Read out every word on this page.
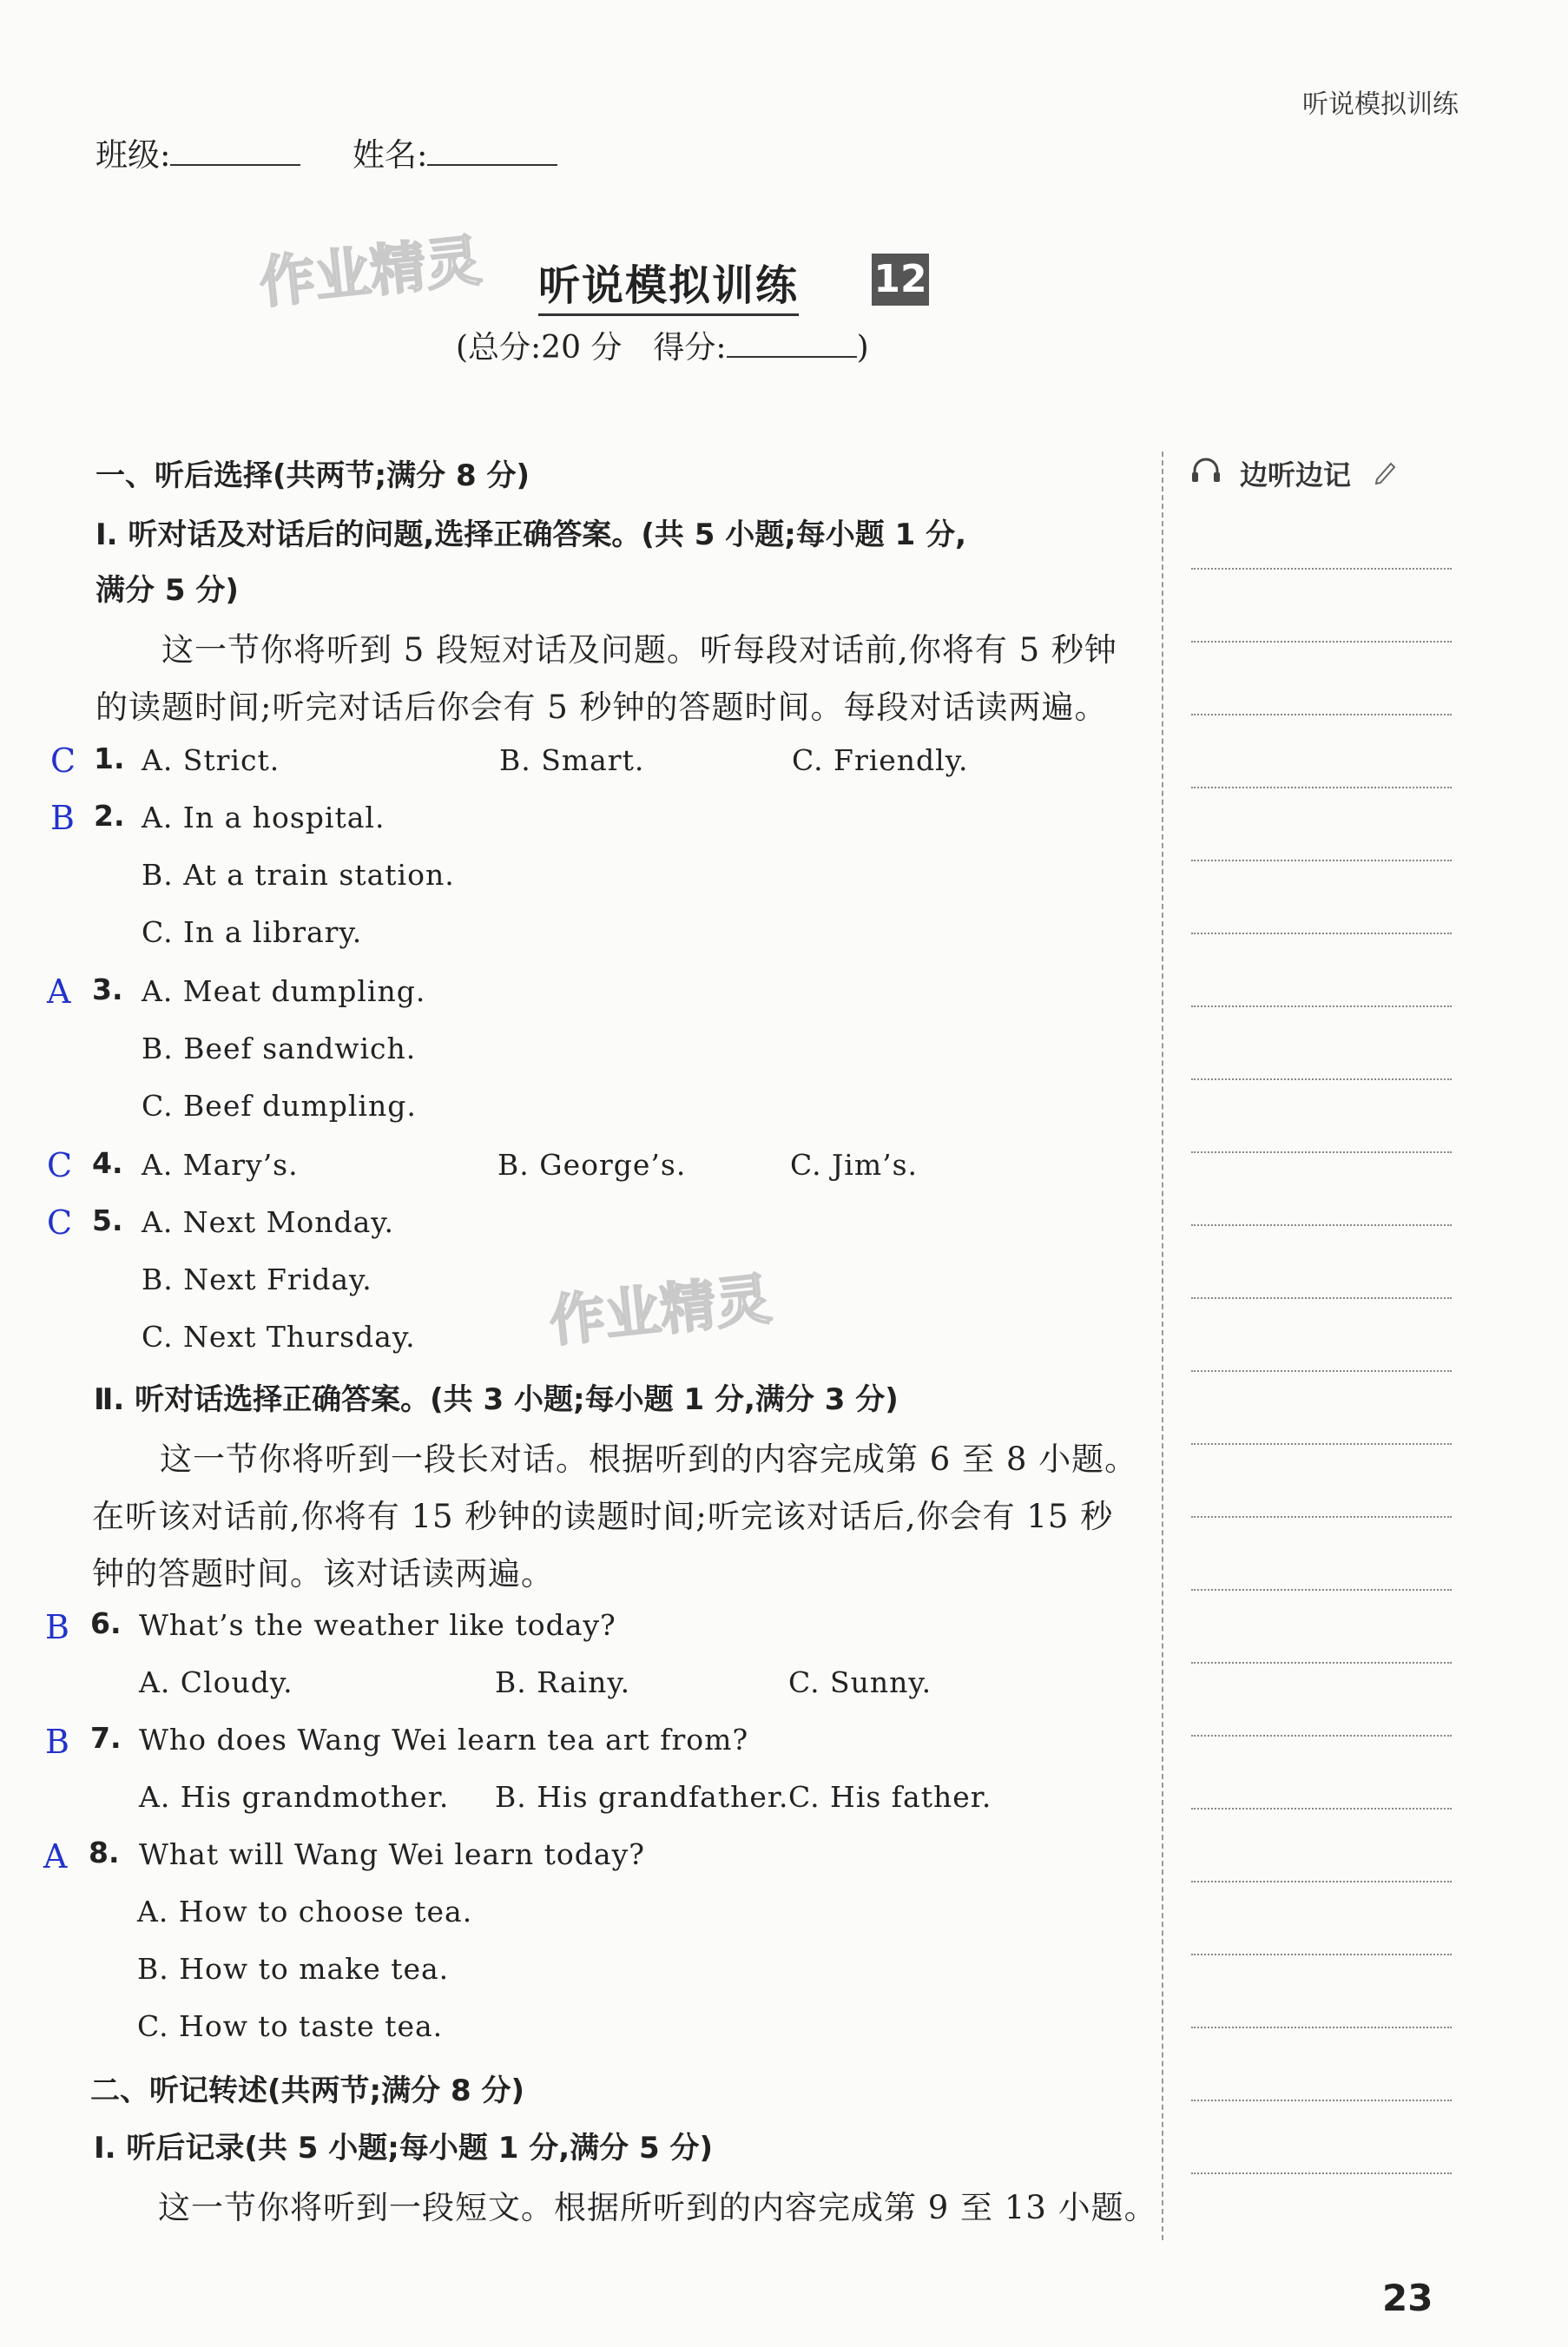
听说模拟训练
班级:	姓名:
作业精灵
作业精灵
听说模拟训练 12
(总分:20 分　得分:	)
边听边记
一、听后选择(共两节;满分 8 分)
Ⅰ. 听对话及对话后的问题,选择正确答案。(共 5 小题;每小题 1 分,
满分 5 分)
这一节你将听到 5 段短对话及问题。听每段对话前,你将有 5 秒钟
的读题时间;听完对话后你会有 5 秒钟的答题时间。每段对话读两遍。
C 1. A. Strict.	B. Smart.	C. Friendly.
B 2. A. In a hospital.
B. At a train station.
C. In a library.
A 3. A. Meat dumpling.
B. Beef sandwich.
C. Beef dumpling.
C 4. A. Mary’s.	B. George’s.	C. Jim’s.
C 5. A. Next Monday.
B. Next Friday.
C. Next Thursday.
Ⅱ. 听对话选择正确答案。(共 3 小题;每小题 1 分,满分 3 分)
这一节你将听到一段长对话。根据听到的内容完成第 6 至 8 小题。
在听该对话前,你将有 15 秒钟的读题时间;听完该对话后,你会有 15 秒
钟的答题时间。该对话读两遍。
B 6. What’s the weather like today?
A. Cloudy.	B. Rainy.	C. Sunny.
B 7. Who does Wang Wei learn tea art from?
A. His grandmother. B. His grandfather. C. His father.
A 8. What will Wang Wei learn today?
A. How to choose tea.
B. How to make tea.
C. How to taste tea.
二、听记转述(共两节;满分 8 分)
Ⅰ. 听后记录(共 5 小题;每小题 1 分,满分 5 分)
这一节你将听到一段短文。根据所听到的内容完成第 9 至 13 小题。
23
